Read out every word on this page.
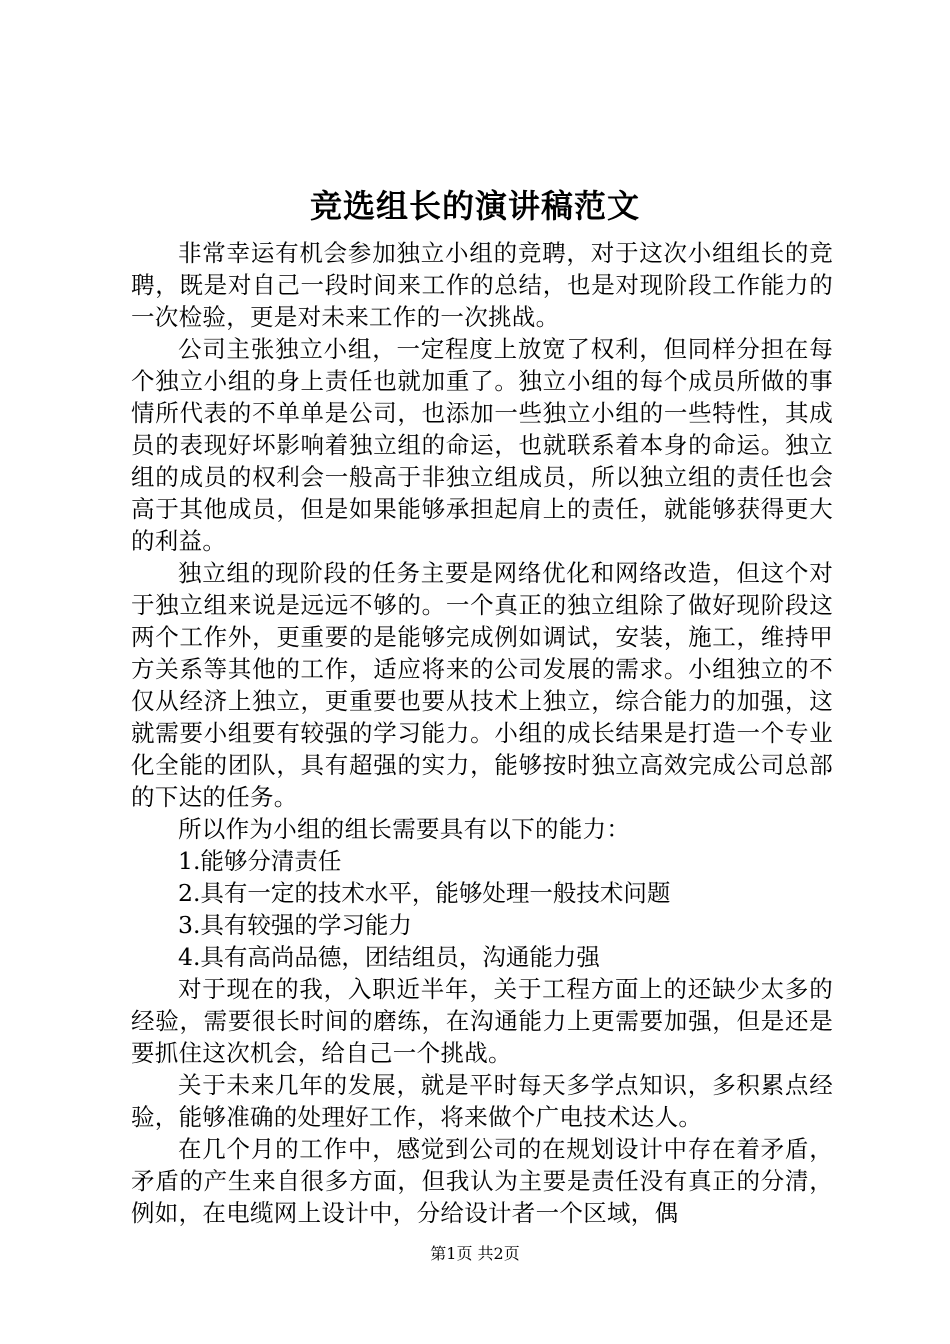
竞选组长的演讲稿范文

非常幸运有机会参加独立小组的竞聘，对于这次小组组长的竞聘，既是对自己一段时间来工作的总结，也是对现阶段工作能力的一次检验，更是对未来工作的一次挑战。

公司主张独立小组，一定程度上放宽了权利，但同样分担在每个独立小组的身上责任也就加重了。独立小组的每个成员所做的事情所代表的不单单是公司，也添加一些独立小组的一些特性，其成员的表现好坏影响着独立组的命运，也就联系着本身的命运。独立组的成员的权利会一般高于非独立组成员，所以独立组的责任也会高于其他成员，但是如果能够承担起肩上的责任，就能够获得更大的利益。

独立组的现阶段的任务主要是网络优化和网络改造，但这个对于独立组来说是远远不够的。一个真正的独立组除了做好现阶段这两个工作外，更重要的是能够完成例如调试，安装，施工，维持甲方关系等其他的工作，适应将来的公司发展的需求。小组独立的不仅从经济上独立，更重要也要从技术上独立，综合能力的加强，这就需要小组要有较强的学习能力。小组的成长结果是打造一个专业化全能的团队，具有超强的实力，能够按时独立高效完成公司总部的下达的任务。

所以作为小组的组长需要具有以下的能力：

1.能够分清责任

2.具有一定的技术水平，能够处理一般技术问题

3.具有较强的学习能力

4.具有高尚品德，团结组员，沟通能力强

对于现在的我，入职近半年，关于工程方面上的还缺少太多的经验，需要很长时间的磨练，在沟通能力上更需要加强，但是还是要抓住这次机会，给自己一个挑战。

关于未来几年的发展，就是平时每天多学点知识，多积累点经验，能够准确的处理好工作，将来做个广电技术达人。

在几个月的工作中，感觉到公司的在规划设计中存在着矛盾，矛盾的产生来自很多方面，但我认为主要是责任没有真正的分清，例如，在电缆网上设计中，分给设计者一个区域，偶

第1页 共2页
